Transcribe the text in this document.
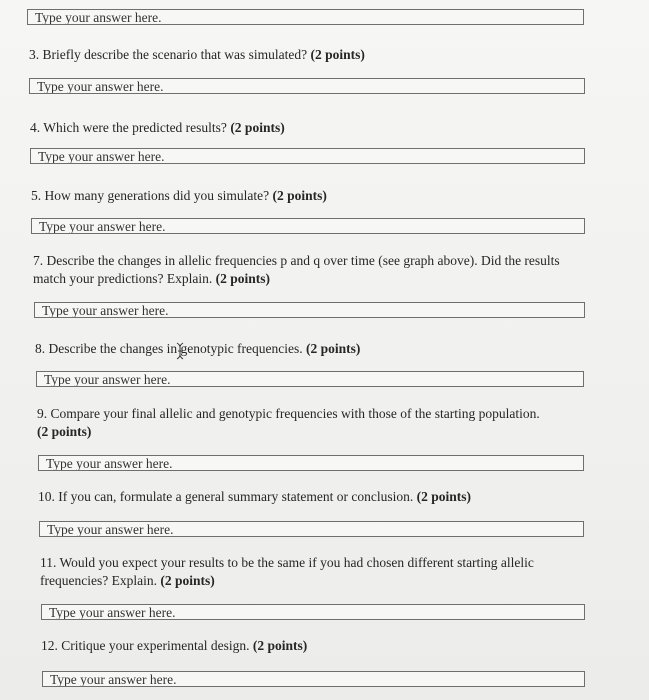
Type your answer here.

3. Briefly describe the scenario that was simulated? (2 points)

Type your answer here.

4. Which were the predicted results? (2 points)

Type your answer here.

5. How many generations did you simulate? (2 points)

Type your answer here.

7. Describe the changes in allelic frequencies p and q over time (see graph above). Did the results match your predictions? Explain. (2 points)

Type your answer here.

8. Describe the changes in genotypic frequencies. (2 points)

Type your answer here.

9. Compare your final allelic and genotypic frequencies with those of the starting population. (2 points)

Type your answer here.

10. If you can, formulate a general summary statement or conclusion. (2 points)

Type your answer here.

11. Would you expect your results to be the same if you had chosen different starting allelic frequencies? Explain. (2 points)

Type your answer here.

12. Critique your experimental design. (2 points)

Type your answer here.
